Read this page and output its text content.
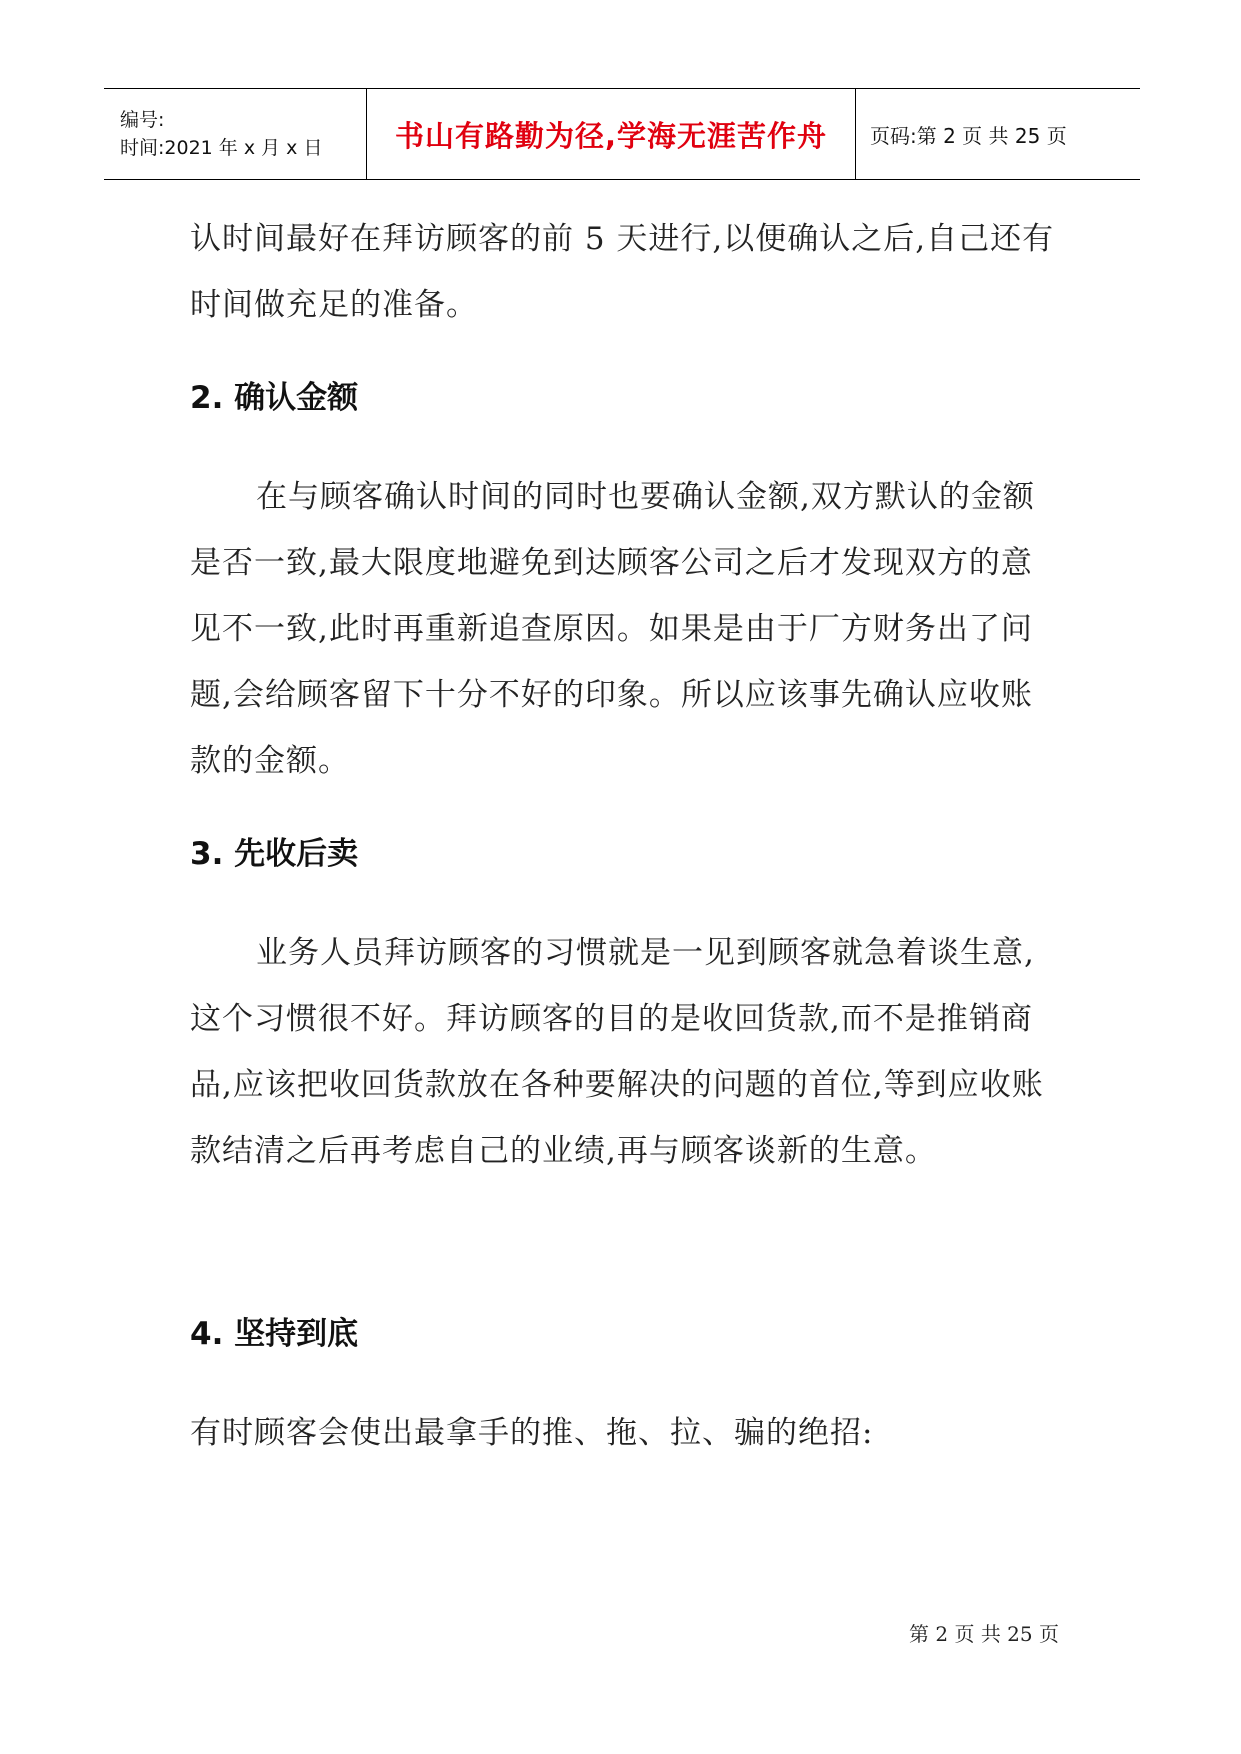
编号:
时间:2021 年 x 月 x 日	书山有路勤为径,学海无涯苦作舟 页码:第 2 页 共 25 页

认时间最好在拜访顾客的前 5 天进行,以便确认之后,自己还有时间做充足的准备。

2. 确认金额

在与顾客确认时间的同时也要确认金额,双方默认的金额是否一致,最大限度地避免到达顾客公司之后才发现双方的意见不一致,此时再重新追查原因。如果是由于厂方财务出了问题,会给顾客留下十分不好的印象。所以应该事先确认应收账款的金额。

3. 先收后卖

业务人员拜访顾客的习惯就是一见到顾客就急着谈生意,这个习惯很不好。拜访顾客的目的是收回货款,而不是推销商品,应该把收回货款放在各种要解决的问题的首位,等到应收账款结清之后再考虑自己的业绩,再与顾客谈新的生意。

4. 坚持到底

有时顾客会使出最拿手的推、拖、拉、骗的绝招:

第 2 页 共 25 页
